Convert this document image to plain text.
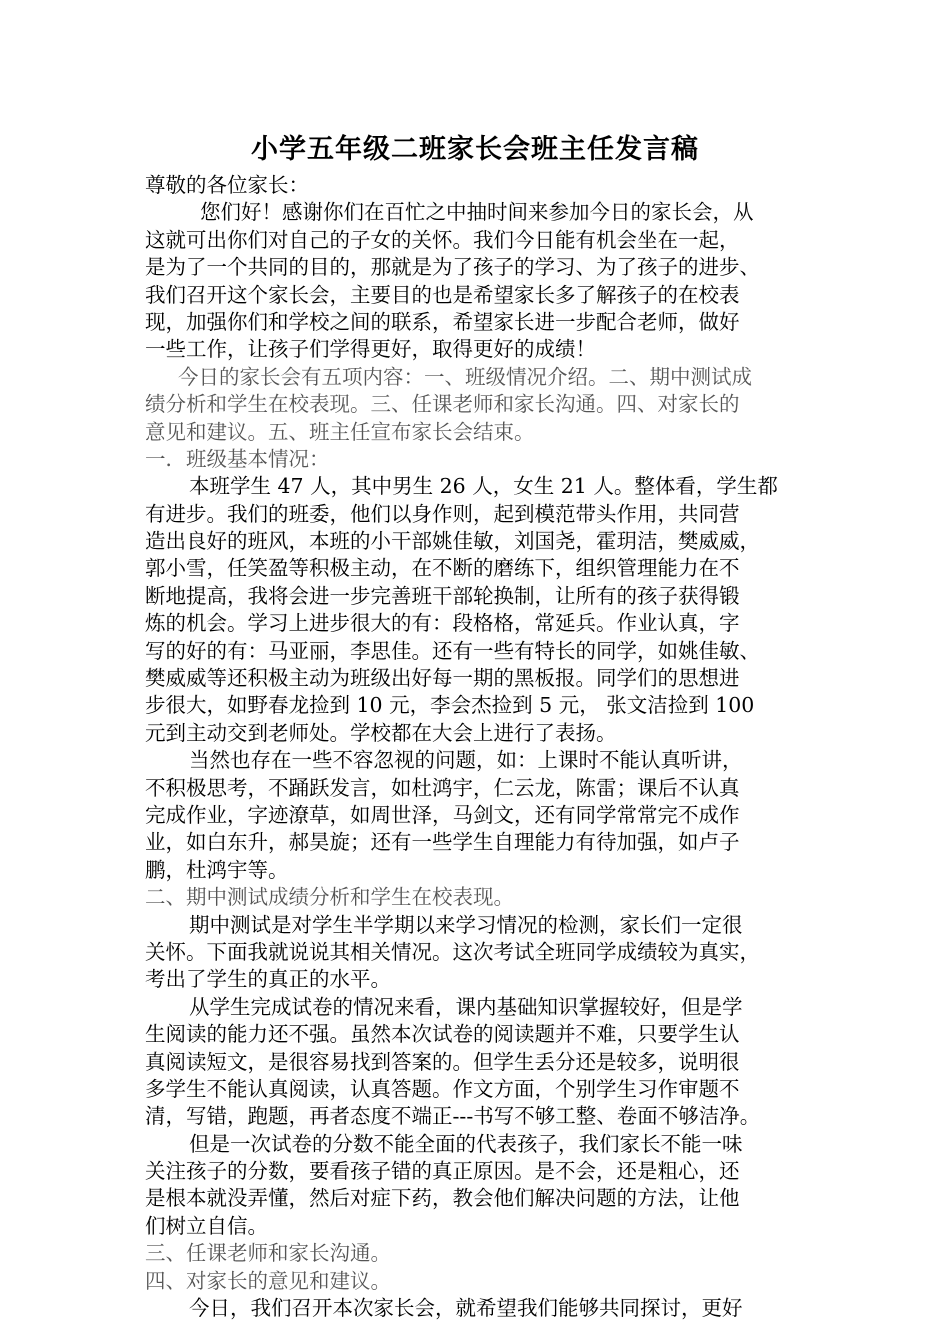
小学五年级二班家长会班主任发言稿
尊敬的各位家长：
您们好！感谢你们在百忙之中抽时间来参加今日的家长会，从
这就可出你们对自己的子女的关怀。我们今日能有机会坐在一起，
是为了一个共同的目的，那就是为了孩子的学习、为了孩子的进步、
我们召开这个家长会，主要目的也是希望家长多了解孩子的在校表
现，加强你们和学校之间的联系，希望家长进一步配合老师，做好
一些工作，让孩子们学得更好，取得更好的成绩！
今日的家长会有五项内容：一、班级情况介绍。二、期中测试成
绩分析和学生在校表现。三、任课老师和家长沟通。四、对家长的
意见和建议。五、班主任宣布家长会结束。
一．班级基本情况：
本班学生 47 人，其中男生 26 人，女生 21 人。整体看，学生都
有进步。我们的班委，他们以身作则，起到模范带头作用，共同营
造出良好的班风，本班的小干部姚佳敏，刘国尧，霍玥洁，樊威威，
郭小雪，任笑盈等积极主动，在不断的磨练下，组织管理能力在不
断地提高，我将会进一步完善班干部轮换制，让所有的孩子获得锻
炼的机会。学习上进步很大的有：段格格，常延兵。作业认真，字
写的好的有：马亚丽，李思佳。还有一些有特长的同学，如姚佳敏、
樊威威等还积极主动为班级出好每一期的黑板报。同学们的思想进
步很大，如野春龙捡到 10 元，李会杰捡到 5 元， 张文洁捡到 100
元到主动交到老师处。学校都在大会上进行了表扬。
当然也存在一些不容忽视的问题，如：上课时不能认真听讲，
不积极思考，不踊跃发言，如杜鸿宇，仁云龙，陈雷；课后不认真
完成作业，字迹潦草，如周世泽，马剑文，还有同学常常完不成作
业，如白东升，郝昊旋；还有一些学生自理能力有待加强，如卢子
鹏，杜鸿宇等。
二、期中测试成绩分析和学生在校表现。
期中测试是对学生半学期以来学习情况的检测，家长们一定很
关怀。下面我就说说其相关情况。这次考试全班同学成绩较为真实，
考出了学生的真正的水平。
从学生完成试卷的情况来看，课内基础知识掌握较好，但是学
生阅读的能力还不强。虽然本次试卷的阅读题并不难，只要学生认
真阅读短文，是很容易找到答案的。但学生丢分还是较多，说明很
多学生不能认真阅读，认真答题。作文方面，个别学生习作审题不
清，写错，跑题，再者态度不端正---书写不够工整、卷面不够洁净。
但是一次试卷的分数不能全面的代表孩子，我们家长不能一味
关注孩子的分数，要看孩子错的真正原因。是不会，还是粗心，还
是根本就没弄懂，然后对症下药，教会他们解决问题的方法，让他
们树立自信。
三、任课老师和家长沟通。
四、对家长的意见和建议。
今日，我们召开本次家长会，就希望我们能够共同探讨，更好
